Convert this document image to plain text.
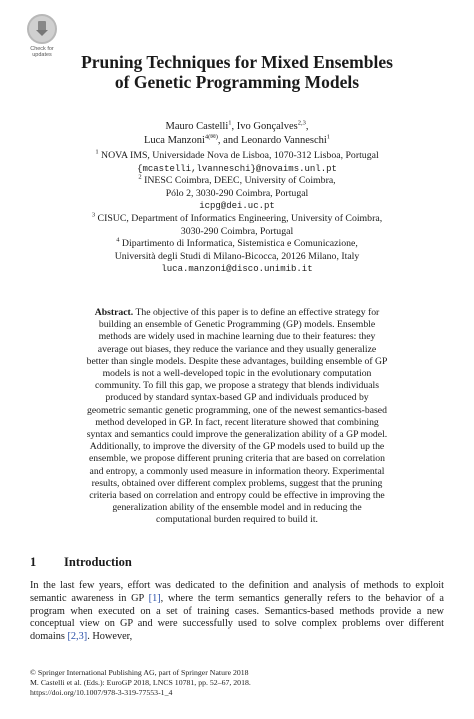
Check for
updates	Pruning Techniques for Mixed Ensembles
of Genetic Programming Models
Mauro Castelli$^1$, Ivo Gonçalves$^{2,3}$,
Luca Manzoni$^{4(✉)}$, and Leonardo Vanneschi$^1$
$^1$ NOVA IMS, Universidade Nova de Lisboa, 1070-312 Lisboa, Portugal
{mcastelli,lvanneschi}@novaims.unl.pt
$^2$ INESC Coimbra, DEEC, University of Coimbra,
Pólo 2, 3030-290 Coimbra, Portugal
icpg@dei.uc.pt
$^3$ CISUC, Department of Informatics Engineering, University of Coimbra,
3030-290 Coimbra, Portugal
$^4$ Dipartimento di Informatica, Sistemistica e Comunicazione,
Università degli Studi di Milano-Bicocca, 20126 Milano, Italy
luca.manzoni@disco.unimib.it
Abstract. The objective of this paper is to define an effective strategy for building an ensemble of Genetic Programming (GP) models. Ensemble methods are widely used in machine learning due to their features: they average out biases, they reduce the variance and they usually generalize better than single models. Despite these advantages, building ensemble of GP models is not a well-developed topic in the evolutionary computation community. To fill this gap, we propose a strategy that blends individuals produced by standard syntax-based GP and individuals produced by geometric semantic genetic programming, one of the newest semantics-based method developed in GP. In fact, recent literature showed that combining syntax and semantics could improve the generalization ability of a GP model. Additionally, to improve the diversity of the GP models used to build up the ensemble, we propose different pruning criteria that are based on correlation and entropy, a commonly used measure in information theory. Experimental results, obtained over different complex problems, suggest that the pruning criteria based on correlation and entropy could be effective in improving the generalization ability of the ensemble model and in reducing the computational burden required to build it.
1 Introduction
In the last few years, effort was dedicated to the definition and analysis of methods to exploit semantic awareness in GP [1], where the term semantics generally refers to the behavior of a program when executed on a set of training cases. Semantics-based methods provide a new conceptual view on GP and were successfully used to solve complex problems over different domains [2,3]. However,
© Springer International Publishing AG, part of Springer Nature 2018
M. Castelli et al. (Eds.): EuroGP 2018, LNCS 10781, pp. 52–67, 2018.
https://doi.org/10.1007/978-3-319-77553-1_4
